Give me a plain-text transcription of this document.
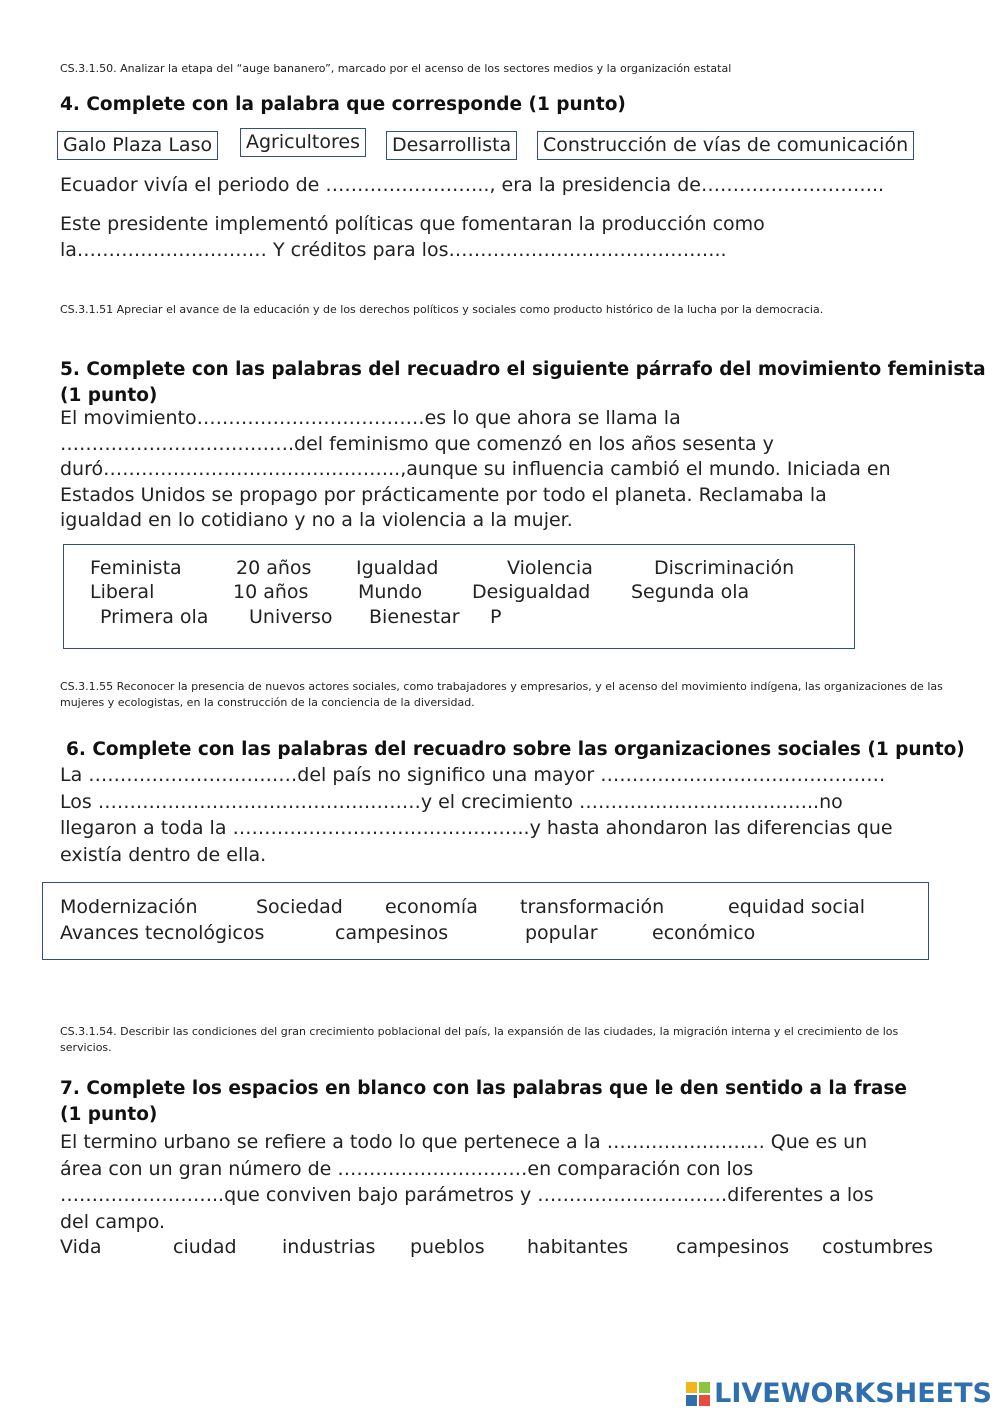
CS.3.1.50. Analizar la etapa del “auge bananero”, marcado por el acenso de los sectores medios y la organización estatal
4. Complete con la palabra que corresponde (1 punto)
Galo Plaza Laso	Agricultores	Desarrollista	Construcción de vías de comunicación
Ecuador vivía el periodo de …………………….., era la presidencia de………………………..
Este presidente implementó políticas que fomentaran la producción como
la………………………… Y créditos para los……………………………………..
CS.3.1.51 Apreciar el avance de la educación y de los derechos políticos y sociales como producto histórico de la lucha por la democracia.
5. Complete con las palabras del recuadro el siguiente párrafo del movimiento feminista
(1 punto)
El movimiento………………………………es lo que ahora se llama la
……………………………….del feminismo que comenzó en los años sesenta y
duró………………………………………..,aunque su influencia cambió el mundo. Iniciada en
Estados Unidos se propago por prácticamente por todo el planeta. Reclamaba la
igualdad en lo cotidiano y no a la violencia a la mujer.
Feminista	20 años Igualdad	Violencia	Discriminación
Liberal	10 años	Mundo	Desigualdad Segunda ola
Primera ola Universo Bienestar P
CS.3.1.55 Reconocer la presencia de nuevos actores sociales, como trabajadores y empresarios, y el acenso del movimiento indígena, las organizaciones de las mujeres y ecologistas, en la construcción de la conciencia de la diversidad.
6. Complete con las palabras del recuadro sobre las organizaciones sociales (1 punto)
La ……………………………del país no significo una mayor ………………………………………
Los ……………………………………………y el crecimiento ………………………………..no
llegaron a toda la ………………………………………..y hasta ahondaron las diferencias que
existía dentro de ella.
Modernización	Sociedad economía transformación	equidad social
Avances tecnológicos	campesinos	popular	económico
CS.3.1.54. Describir las condiciones del gran crecimiento poblacional del país, la expansión de las ciudades, la migración interna y el crecimiento de los servicios.
7. Complete los espacios en blanco con las palabras que le den sentido a la frase
(1 punto)
El termino urbano se refiere a todo lo que pertenece a la ……………………. Que es un
área con un gran número de …………………………en comparación con los
……………………..que conviven bajo parámetros y …………………………diferentes a los
del campo.
Vida	ciudad industrias pueblos habitantes	campesinos costumbres
LIVEWORKSHEETS
